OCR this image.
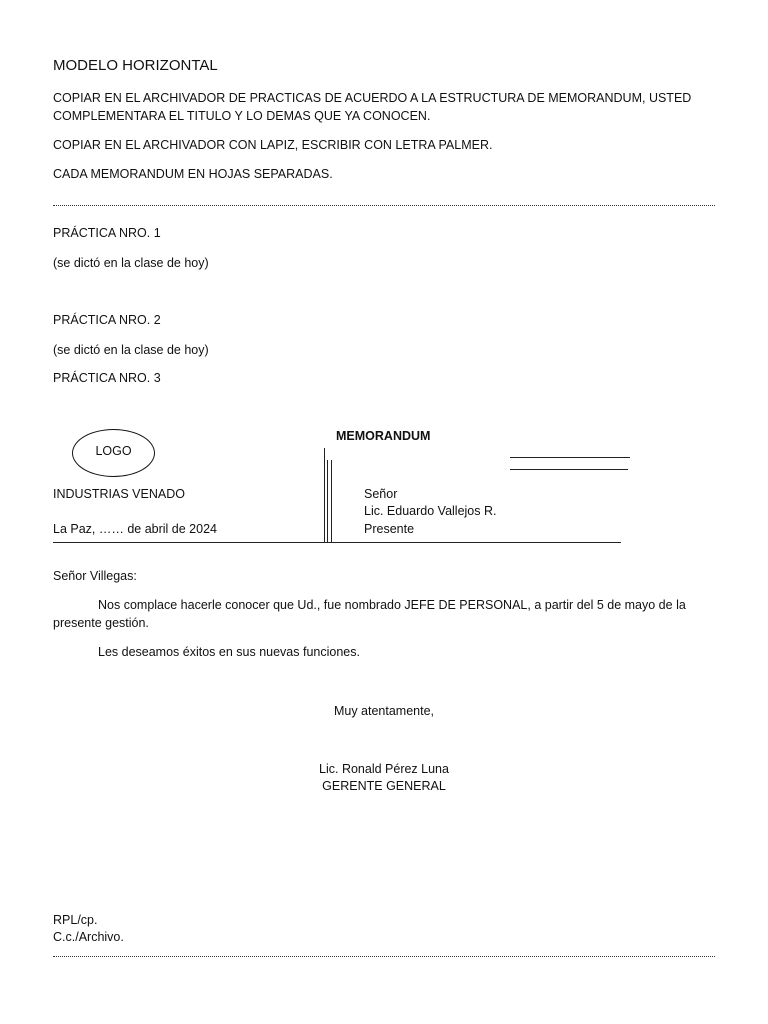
MODELO HORIZONTAL
COPIAR EN EL ARCHIVADOR DE PRACTICAS DE ACUERDO A LA ESTRUCTURA DE MEMORANDUM, USTED
COMPLEMENTARA EL TITULO Y LO DEMAS QUE YA CONOCEN.
COPIAR EN EL ARCHIVADOR CON LAPIZ, ESCRIBIR CON LETRA PALMER.
CADA MEMORANDUM EN HOJAS SEPARADAS.
PRÁCTICA NRO. 1
(se dictó en la clase de hoy)
PRÁCTICA NRO. 2
(se dictó en la clase de hoy)
PRÁCTICA NRO. 3
MEMORANDUM
LOGO
INDUSTRIAS VENADO
La Paz, …… de abril de 2024
Señor
Lic. Eduardo Vallejos R.
Presente
Señor Villegas:
Nos complace hacerle conocer que Ud., fue nombrado JEFE DE PERSONAL, a partir del 5 de mayo de la
presente gestión.
Les deseamos éxitos en sus nuevas funciones.
Muy atentamente,
Lic. Ronald Pérez Luna
GERENTE GENERAL
RPL/cp.
C.c./Archivo.
